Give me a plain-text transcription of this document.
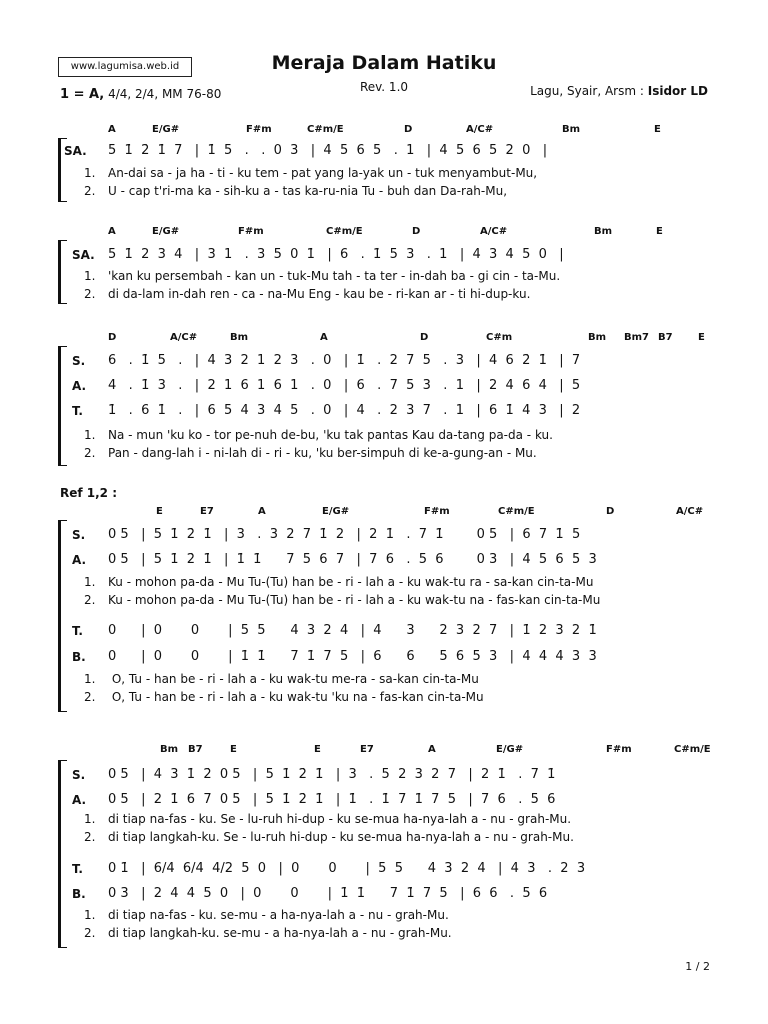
www.lagumisa.web.id	Meraja Dalam Hatiku
Rev. 1.0
1 = A, 4/4, 2/4, MM 76-80	Lagu, Syair, Arsm : Isidor LD
A	E/G#	F#m	C#m/E	D	A/C#	Bm	E
SA. 5  1̇  2̇  1̇  7   |  1̇  5   .   .  0  3   |  4  5  6  5   .  1   |  4  5  6  5  2  0   |
1. An-dai sa - ja ha - ti - ku tem - pat yang la-yak un - tuk menyambut-Mu,
2. U - cap t'ri-ma ka - sih-ku a - tas ka-ru-nia Tu - buh dan Da-rah-Mu,
A	E/G#	F#m	C#m/E	D	A/C#	Bm	E
SA. 5  1̇  2  3  4   |  3  1   .  3  5  0  1̇   |  6   .  1̇  5  3   .  1   |  4  3  4  5  0   |
1. 'kan ku persembah - kan un - tuk-Mu tah - ta ter - in-dah ba - gi cin - ta-Mu.
2. di da-lam in-dah ren - ca - na-Mu Eng - kau be - ri-kan ar - ti hi-dup-ku.
D	A/C#	Bm	A	D	C#m	Bm Bm7 B7	E
S. 6   .  1̇  5   .   |  4  3  2  1  2  3   .  0   |  1̇   .  2  7  5   .  3   |  4  6  2̇  1̇   |  7
A. 4   .  1̇  3   .   |  2  1  6  1  6  1   .  0   |  6   .  7  5  3   .  1   |  2  4  6  4   |  5
T. 1̇   .  6  1̇   .   |  6  5  4  3  4  5   .  0   |  4   .  2  3  7   .  1   |  6  1̇  4  3   |  2
1. Na - mun 'ku ko - tor pe-nuh de-bu, 'ku tak pantas Kau da-tang pa-da - ku.
2. Pan - dang-lah i - ni-lah di - ri - ku, 'ku ber-simpuh di ke-a-gung-an - Mu.
Ref 1,2 :
E	E7	A	E/G#	F#m	C#m/E	D	A/C#
S. 0 5   |  5  1̇  2̇  1̇   |  3   .  3  2  7  1̇  2   |  2  1̇   .  7  1̇        0 5   |  6  7  1̇  5
A. 0 5   |  5  1̇  2̇  1̇   |  1̇  1̇      7  5  6  7   |  7  6   .  5  6        0 3   |  4  5  6  5  3
1. Ku - mohon pa-da - Mu Tu-(Tu) han be - ri - lah a - ku wak-tu ra - sa-kan cin-ta-Mu
2. Ku - mohon pa-da - Mu Tu-(Tu) han be - ri - lah a - ku wak-tu na - fas-kan cin-ta-Mu
T. 0      |  0       0       |  5  5      4  3  2  4   |  4      3      2  3  2  7   |  1̇  2  3  2  1̇
B. 0      |  0       0       |  1̇  1̇      7  1̇  7  5   |  6      6      5  6  5  3   |  4  4  4  3  3
1. O, Tu - han be - ri - lah a - ku wak-tu me-ra - sa-kan cin-ta-Mu
2. O, Tu - han be - ri - lah a - ku wak-tu 'ku na - fas-kan cin-ta-Mu
Bm B7	E	E	E7	A	E/G#	F#m	C#m/E
S. 0 5   |  4  3  1̇  2̇  0 5   |  5  1̇  2̇  1̇   |  3   .  5  2  3  2  7   |  2  1̇   .  7  1̇
A. 0 5   |  2  1̇  6  7  0 5   |  5  1̇  2̇  1̇   |  1̇   .  1̇  7  1̇  7  5   |  7  6   .  5  6
1. di tiap na-fas - ku. Se - lu-ruh hi-dup - ku se-mua ha-nya-lah a - nu - grah-Mu.
2. di tiap langkah-ku. Se - lu-ruh hi-dup - ku se-mua ha-nya-lah a - nu - grah-Mu.
T. 0 1̇   |  6/4  6/4  4/2  5  0   |  0       0       |  5  5      4  3  2  4   |  4  3   .  2  3
B. 0 3   |  2  4  4  5  0   |  0       0       |  1̇  1̇      7  1̇  7  5   |  6  6   .  5  6
1. di tiap na-fas - ku. se-mu - a ha-nya-lah a - nu - grah-Mu.
2. di tiap langkah-ku. se-mu - a ha-nya-lah a - nu - grah-Mu.
1 / 2
